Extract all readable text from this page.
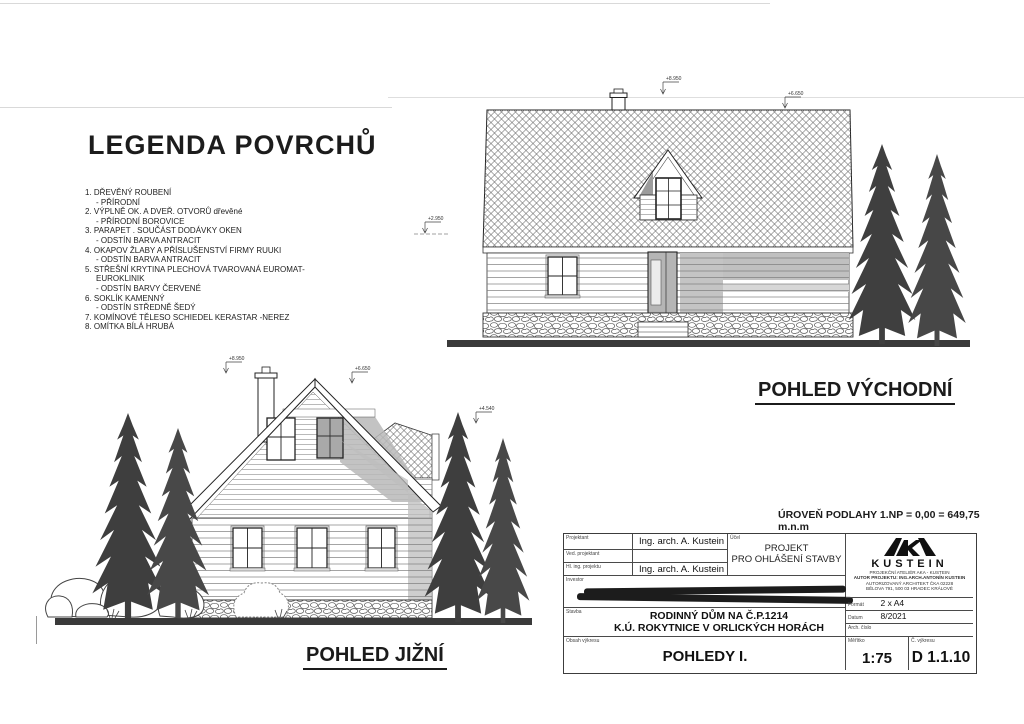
LEGENDA POVRCHŮ
1. DŘEVĚNÝ ROUBENÍ
- PŘÍRODNÍ
2. VÝPLNĚ OK. A DVEŘ. OTVORŮ dřevěné
- PŘÍRODNÍ BOROVICE
3. PARAPET . SOUČÁST DODÁVKY OKEN
- ODSTÍN BARVA ANTRACIT
4. OKAPOV ŽLABY A PŘÍSLUŠENSTVÍ FIRMY RUUKI
- ODSTÍN BARVA ANTRACIT
5. STŘEŠNÍ KRYTINA PLECHOVÁ TVAROVANÁ EUROMAT-
EUROKLINIK
- ODSTÍN BARVY ČERVENÉ
6. SOKLÍK KAMENNÝ
- ODSTÍN STŘEDNĚ ŠEDÝ
7. KOMÍNOVÉ TĚLESO SCHIEDEL KERASTAR -NEREZ
8. OMÍTKA BÍLÁ HRUBÁ
+8.950
+6.650
+2.950
+8.950
+6.650
+4.540
POHLED VÝCHODNÍ
POHLED JIŽNÍ
ÚROVEŇ PODLAHY 1.NP = 0,00 = 649,75 m.n.m
Projektant	Ing. arch. A. Kustein
Ved. projektant
Hl. ing. projektu	Ing. arch. A. Kustein
Účel
PROJEKT
PRO OHLÁŠENÍ STAVBY
Investor
Stavba	RODINNÝ DŮM NA Č.P.1214
K.Ú. ROKYTNICE V ORLICKÝCH HORÁCH
Obsah výkresu
POHLEDY I.
KUSTEIN
PROJEKČNÍ ATELIÉR AKA - KUSTEIN
AUTOR PROJEKTU: ING.ARCH.ANTONÍN KUSTEIN
AUTORIZOVANÝ ARCHITEKT ČKA 02228
BĚLOVA 791, 500 03 HRADEC KRÁLOVÉ
Formát 2 x A4
Datum 8/2021
Arch. číslo
Měřítko
1:75
Č. výkresu
D 1.1.10
